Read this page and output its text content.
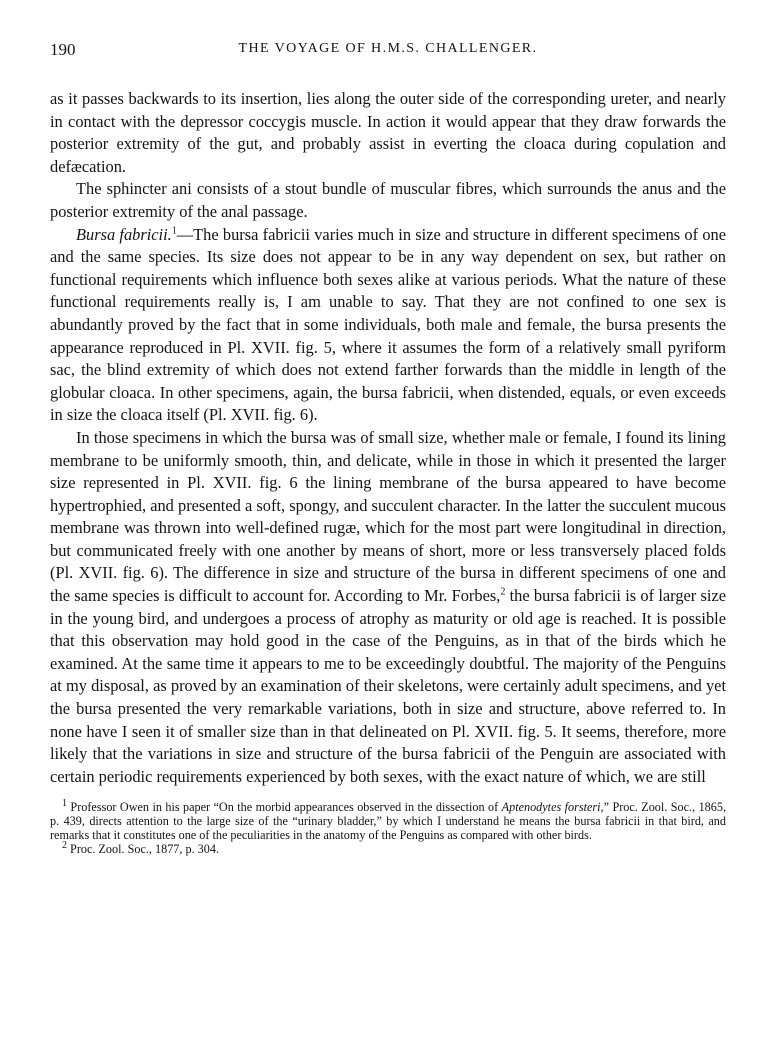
190	THE VOYAGE OF H.M.S. CHALLENGER.

as it passes backwards to its insertion, lies along the outer side of the corresponding ureter, and nearly in contact with the depressor coccygis muscle. In action it would appear that they draw forwards the posterior extremity of the gut, and probably assist in everting the cloaca during copulation and defæcation.

The sphincter ani consists of a stout bundle of muscular fibres, which surrounds the anus and the posterior extremity of the anal passage.

Bursa fabricii.$^1$—The bursa fabricii varies much in size and structure in different specimens of one and the same species. Its size does not appear to be in any way dependent on sex, but rather on functional requirements which influence both sexes alike at various periods. What the nature of these functional requirements really is, I am unable to say. That they are not confined to one sex is abundantly proved by the fact that in some individuals, both male and female, the bursa presents the appearance reproduced in Pl. XVII. fig. 5, where it assumes the form of a relatively small pyriform sac, the blind extremity of which does not extend farther forwards than the middle in length of the globular cloaca. In other specimens, again, the bursa fabricii, when distended, equals, or even exceeds in size the cloaca itself (Pl. XVII. fig. 6).

In those specimens in which the bursa was of small size, whether male or female, I found its lining membrane to be uniformly smooth, thin, and delicate, while in those in which it presented the larger size represented in Pl. XVII. fig. 6 the lining membrane of the bursa appeared to have become hypertrophied, and presented a soft, spongy, and succulent character. In the latter the succulent mucous membrane was thrown into well-defined rugæ, which for the most part were longitudinal in direction, but communicated freely with one another by means of short, more or less transversely placed folds (Pl. XVII. fig. 6). The difference in size and structure of the bursa in different specimens of one and the same species is difficult to account for. According to Mr. Forbes,$^2$ the bursa fabricii is of larger size in the young bird, and undergoes a process of atrophy as maturity or old age is reached. It is possible that this observation may hold good in the case of the Penguins, as in that of the birds which he examined. At the same time it appears to me to be exceedingly doubtful. The majority of the Penguins at my disposal, as proved by an examination of their skeletons, were certainly adult specimens, and yet the bursa presented the very remarkable variations, both in size and structure, above referred to. In none have I seen it of smaller size than in that delineated on Pl. XVII. fig. 5. It seems, therefore, more likely that the variations in size and structure of the bursa fabricii of the Penguin are associated with certain periodic requirements experienced by both sexes, with the exact nature of which, we are still

$^1$ Professor Owen in his paper “On the morbid appearances observed in the dissection of Aptenodytes forsteri,” Proc. Zool. Soc., 1865, p. 439, directs attention to the large size of the “urinary bladder,” by which I understand he means the bursa fabricii in that bird, and remarks that it constitutes one of the peculiarities in the anatomy of the Penguins as compared with other birds.

$^2$ Proc. Zool. Soc., 1877, p. 304.
